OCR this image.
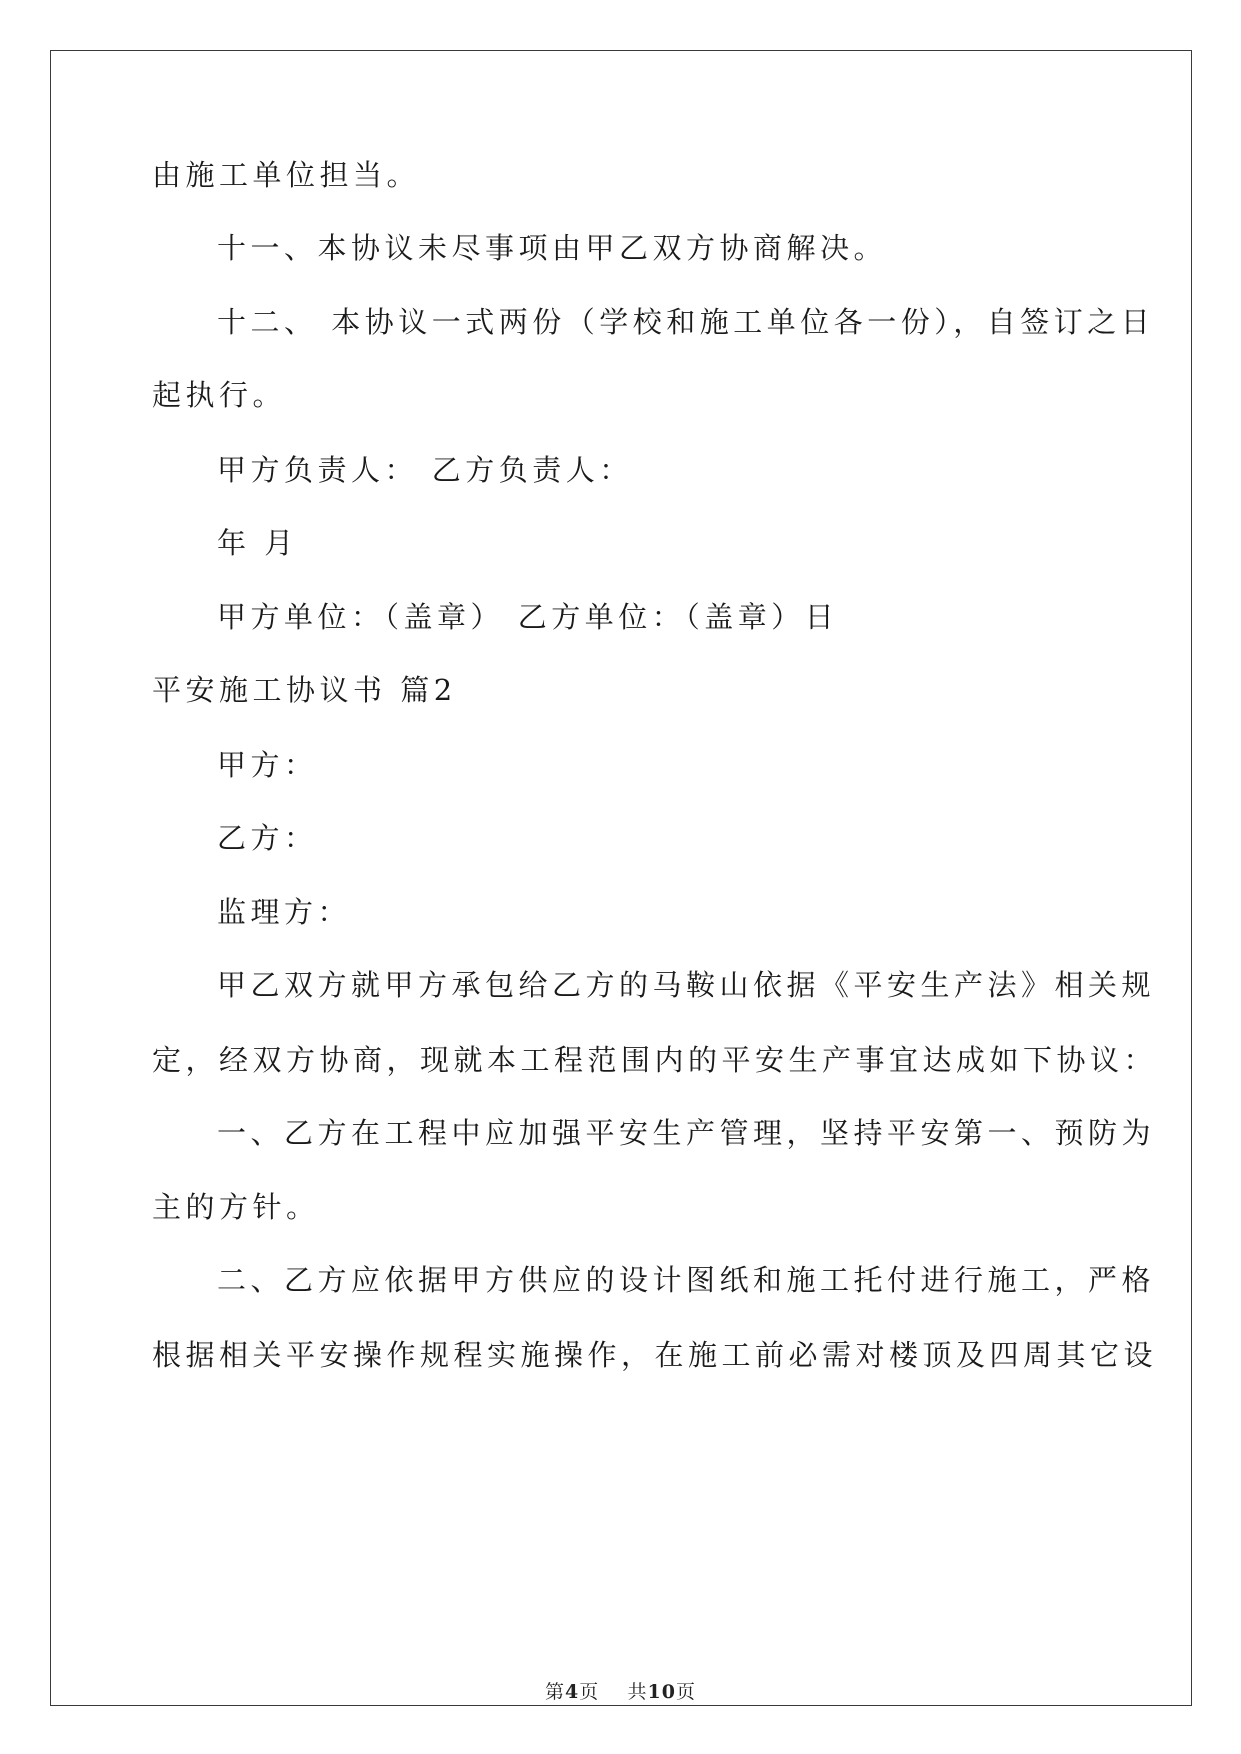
由施工单位担当。
十一、本协议未尽事项由甲乙双方协商解决。
十二、 本协议一式两份（学校和施工单位各一份），自签订之日
起执行。
甲方负责人： 乙方负责人：
年 月
甲方单位：（盖章） 乙方单位：（盖章）日
平安施工协议书 篇2
甲方：
乙方：
监理方：
甲乙双方就甲方承包给乙方的马鞍山依据《平安生产法》相关规
定，经双方协商，现就本工程范围内的平安生产事宜达成如下协议：
一、乙方在工程中应加强平安生产管理，坚持平安第一、预防为
主的方针。
二、乙方应依据甲方供应的设计图纸和施工托付进行施工，严格
根据相关平安操作规程实施操作，在施工前必需对楼顶及四周其它设
第4页 共10页
